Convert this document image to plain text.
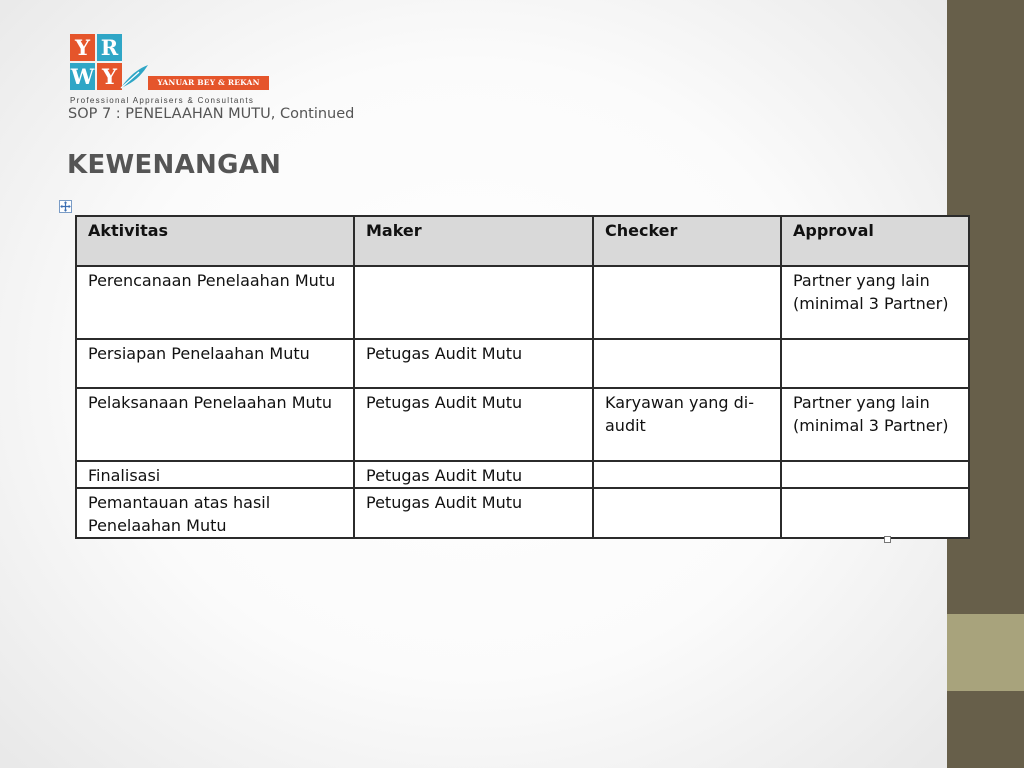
Y R
W Y	YANUAR BEY & REKAN
Professional Appraisers & Consultants
SOP 7 : PENELAAHAN MUTU, Continued
KEWENANGAN
Aktivitas	Maker	Checker	Approval
Perencanaan Penelaahan Mutu			Partner yang lain (minimal 3 Partner)
Persiapan Penelaahan Mutu	Petugas Audit Mutu		
Pelaksanaan Penelaahan Mutu	Petugas Audit Mutu	Karyawan yang di-audit	Partner yang lain (minimal 3 Partner)
Finalisasi	Petugas Audit Mutu		
Pemantauan atas hasil Penelaahan Mutu	Petugas Audit Mutu		
